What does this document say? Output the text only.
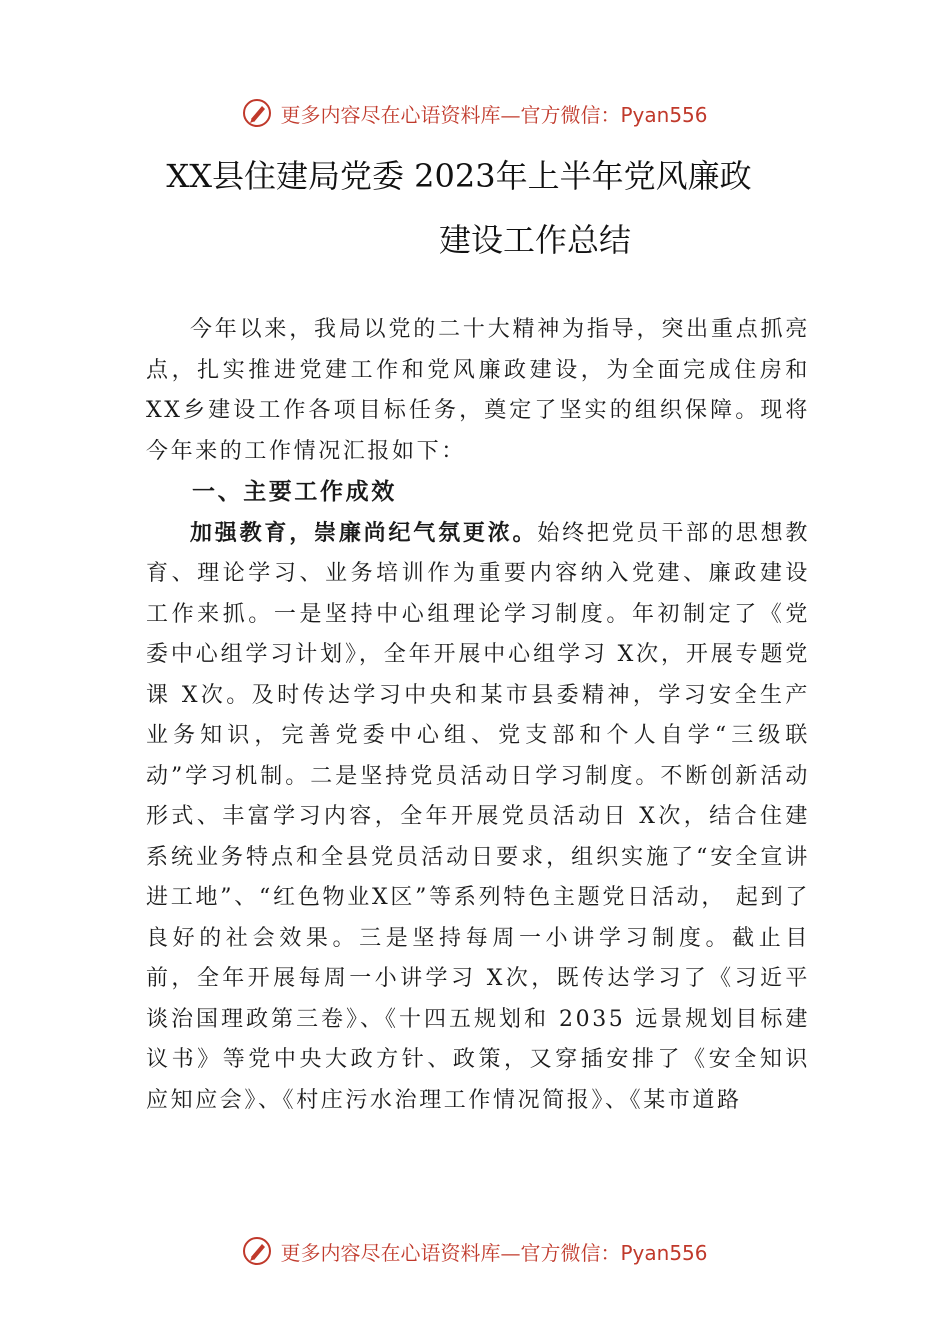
更多内容尽在心语资料库—官方微信：Pyan556
XX县住建局党委 2023年上半年党风廉政
建设工作总结

今年以来，我局以党的二十大精神为指导，突出重点抓亮点，扎实推进党建工作和党风廉政建设，为全面完成住房和XX乡建设工作各项目标任务，奠定了坚实的组织保障。现将今年来的工作情况汇报如下：

一、主要工作成效

加强教育，崇廉尚纪气氛更浓。始终把党员干部的思想教育、理论学习、业务培训作为重要内容纳入党建、廉政建设工作来抓。一是坚持中心组理论学习制度。年初制定了《党委中心组学习计划》，全年开展中心组学习 X次，开展专题党课 X次。及时传达学习中央和某市县委精神，学习安全生产业务知识，完善党委中心组、党支部和个人自学“三级联动”学习机制。二是坚持党员活动日学习制度。不断创新活动形式、丰富学习内容，全年开展党员活动日 X次，结合住建系统业务特点和全县党员活动日要求，组织实施了“安全宣讲进工地”、“红色物业X区”等系列特色主题党日活动， 起到了良好的社会效果。三是坚持每周一小讲学习制度。截止目前，全年开展每周一小讲学习 X次，既传达学习了《习近平谈治国理政第三卷》、《十四五规划和 2035 远景规划目标建议书》等党中央大政方针、政策，又穿插安排了《安全知识应知应会》、《村庄污水治理工作情况简报》、《某市道路

更多内容尽在心语资料库—官方微信：Pyan556
